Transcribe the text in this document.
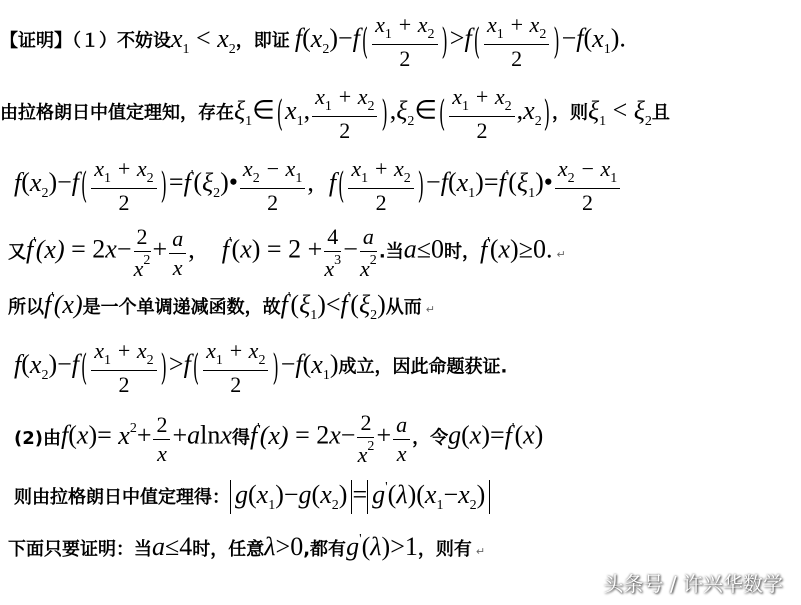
【证明】（１）不妨设$x_1 < x_2$，即证 $f(x_2)-f$ ( $\frac{x_1 + x_2}{2} )>f$ ( $\frac{x_1 + x_2}{2} )-f(x_1)$.
由拉格朗日中值定理知，存在$\xi_1\in$ ($x_1$, $\frac{x_1 + x_2}{2}$ )$,\xi_2\in$ ( $\frac{x_1 + x_2}{2} ,x_2$ ) ，则$\xi_1 < \xi_2$且
$f(x_2)-f$ ( $\frac{x_1 + x_2}{2}$ )$=f'(\xi_2)• \frac{x_2 - x_1}{2}$ , f ( $\frac{x_1 + x_2}{2}$ )$-f(x_1)=f'(\xi_1)• \frac{x_2 - x_1}{2}$
又$f'(x) = 2x- \frac{2}{x^2} + \frac{a}{x}$ , $f'(x) = 2 + \frac{4}{x^3} - \frac{a}{x^2}$ .当a≤0时，f'(x)≥0. ↵
所以f'(x)是一个单调递减函数，故$f'(\xi_1)<f'(\xi_2)$从而 ↵
$f(x_2)-f$ ( $\frac{x_1 + x_2}{2} )>f$ ( $\frac{x_1 + x_2}{2} )-f(x_1)$成立，因此命题获证.
(2)由$f(x)= x^2+ \frac{2}{x} +alnx$得$f'(x) = 2x- \frac{2}{x^2} + \frac{a}{x}$ ，令g(x)=f'(x)
则由拉格朗日中值定理得： $g(x_1)-g(x_2) = g'(\lambda)(x_1-x_2)$
下面只要证明：当a≤4时，任意λ>0,都有g'(λ)>1，则有 ↵
头条号 / 许兴华数学
